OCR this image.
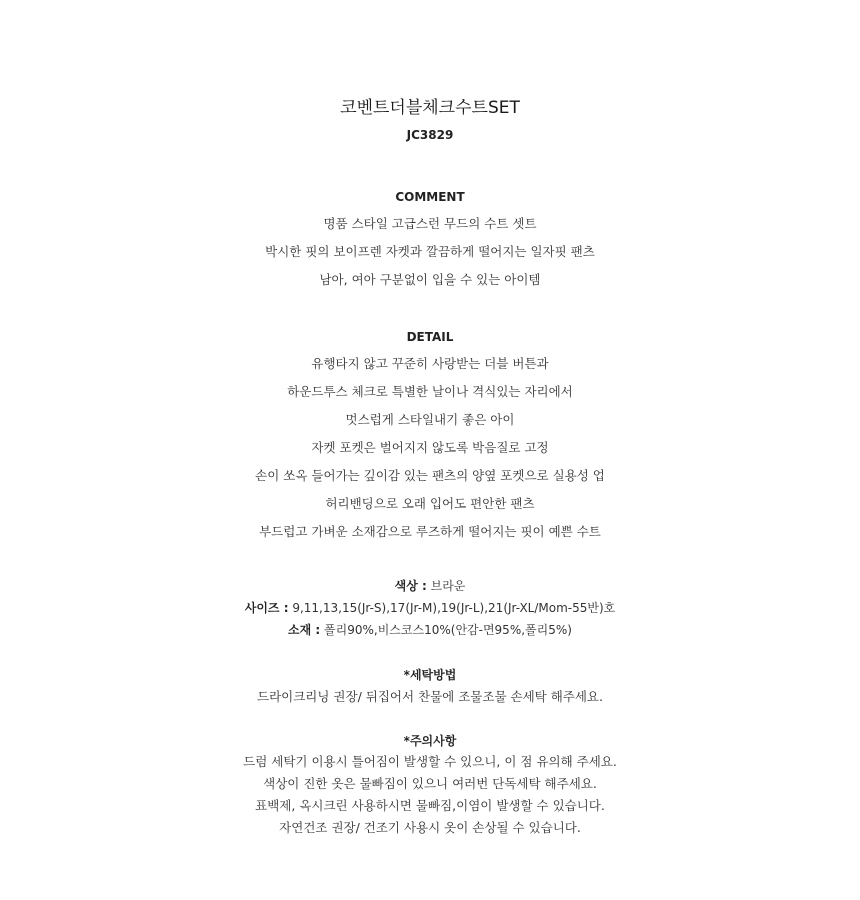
코벤트더블체크수트SET
JC3829
COMMENT
명품 스타일 고급스런 무드의 수트 셋트
박시한 핏의 보이프렌 자켓과 깔끔하게 떨어지는 일자핏 팬츠
남아, 여아 구분없이 입을 수 있는 아이템
DETAIL
유행타지 않고 꾸준히 사랑받는 더블 버튼과
하운드투스 체크로 특별한 날이나 격식있는 자리에서
멋스럽게 스타일내기 좋은 아이
자켓 포켓은 벌어지지 않도록 박음질로 고정
손이 쏘옥 들어가는 깊이감 있는 팬츠의 양옆 포켓으로 실용성 업
허리밴딩으로 오래 입어도 편안한 팬츠
부드럽고 가벼운 소재감으로 루즈하게 떨어지는 핏이 예쁜 수트
색상 : 브라운
사이즈 : 9,11,13,15(Jr-S),17(Jr-M),19(Jr-L),21(Jr-XL/Mom-55반)호
소재 : 폴리90%,비스코스10%(안감-면95%,폴리5%)
*세탁방법
드라이크리닝 권장/ 뒤집어서 찬물에 조물조물 손세탁 해주세요.
*주의사항
드럼 세탁기 이용시 틀어짐이 발생할 수 있으니, 이 점 유의해 주세요.
색상이 진한 옷은 물빠짐이 있으니 여러번 단독세탁 해주세요.
표백제, 옥시크린 사용하시면 물빠짐,이염이 발생할 수 있습니다.
자연건조 권장/ 건조기 사용시 옷이 손상될 수 있습니다.
